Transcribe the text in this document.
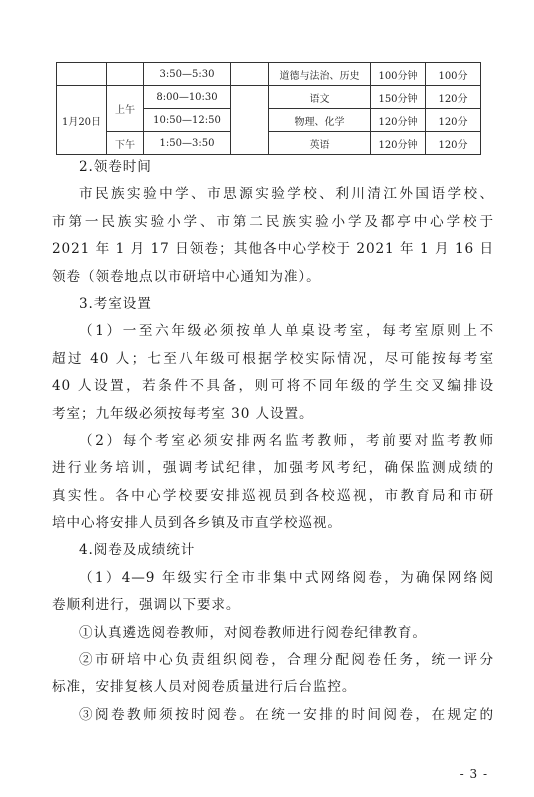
		3:50—5:30		道德与法治、历史	100分钟	100分
1月20日	上午	8:00—10:30		语文	150分钟	120分
		10:50—12:50		物理、化学	120分钟	120分
	下午	1:50—3:50		英语	120分钟	120分
2.领卷时间
市民族实验中学、市思源实验学校、利川清江外国语学校、
市第一民族实验小学、市第二民族实验小学及都亭中心学校于
2021 年 1 月 17 日领卷；其他各中心学校于 2021 年 1 月 16 日
领卷（领卷地点以市研培中心通知为准）。
3.考室设置
（1）一至六年级必须按单人单桌设考室，每考室原则上不
超过 40 人；七至八年级可根据学校实际情况，尽可能按每考室
40 人设置，若条件不具备，则可将不同年级的学生交叉编排设
考室；九年级必须按每考室 30 人设置。
（2）每个考室必须安排两名监考教师，考前要对监考教师
进行业务培训，强调考试纪律，加强考风考纪，确保监测成绩的
真实性。各中心学校要安排巡视员到各校巡视，市教育局和市研
培中心将安排人员到各乡镇及市直学校巡视。
4.阅卷及成绩统计
（1）4—9 年级实行全市非集中式网络阅卷，为确保网络阅
卷顺利进行，强调以下要求。
①认真遴选阅卷教师，对阅卷教师进行阅卷纪律教育。
②市研培中心负责组织阅卷，合理分配阅卷任务，统一评分
标准，安排复核人员对阅卷质量进行后台监控。
③阅卷教师须按时阅卷。在统一安排的时间阅卷，在规定的
- 3 -
